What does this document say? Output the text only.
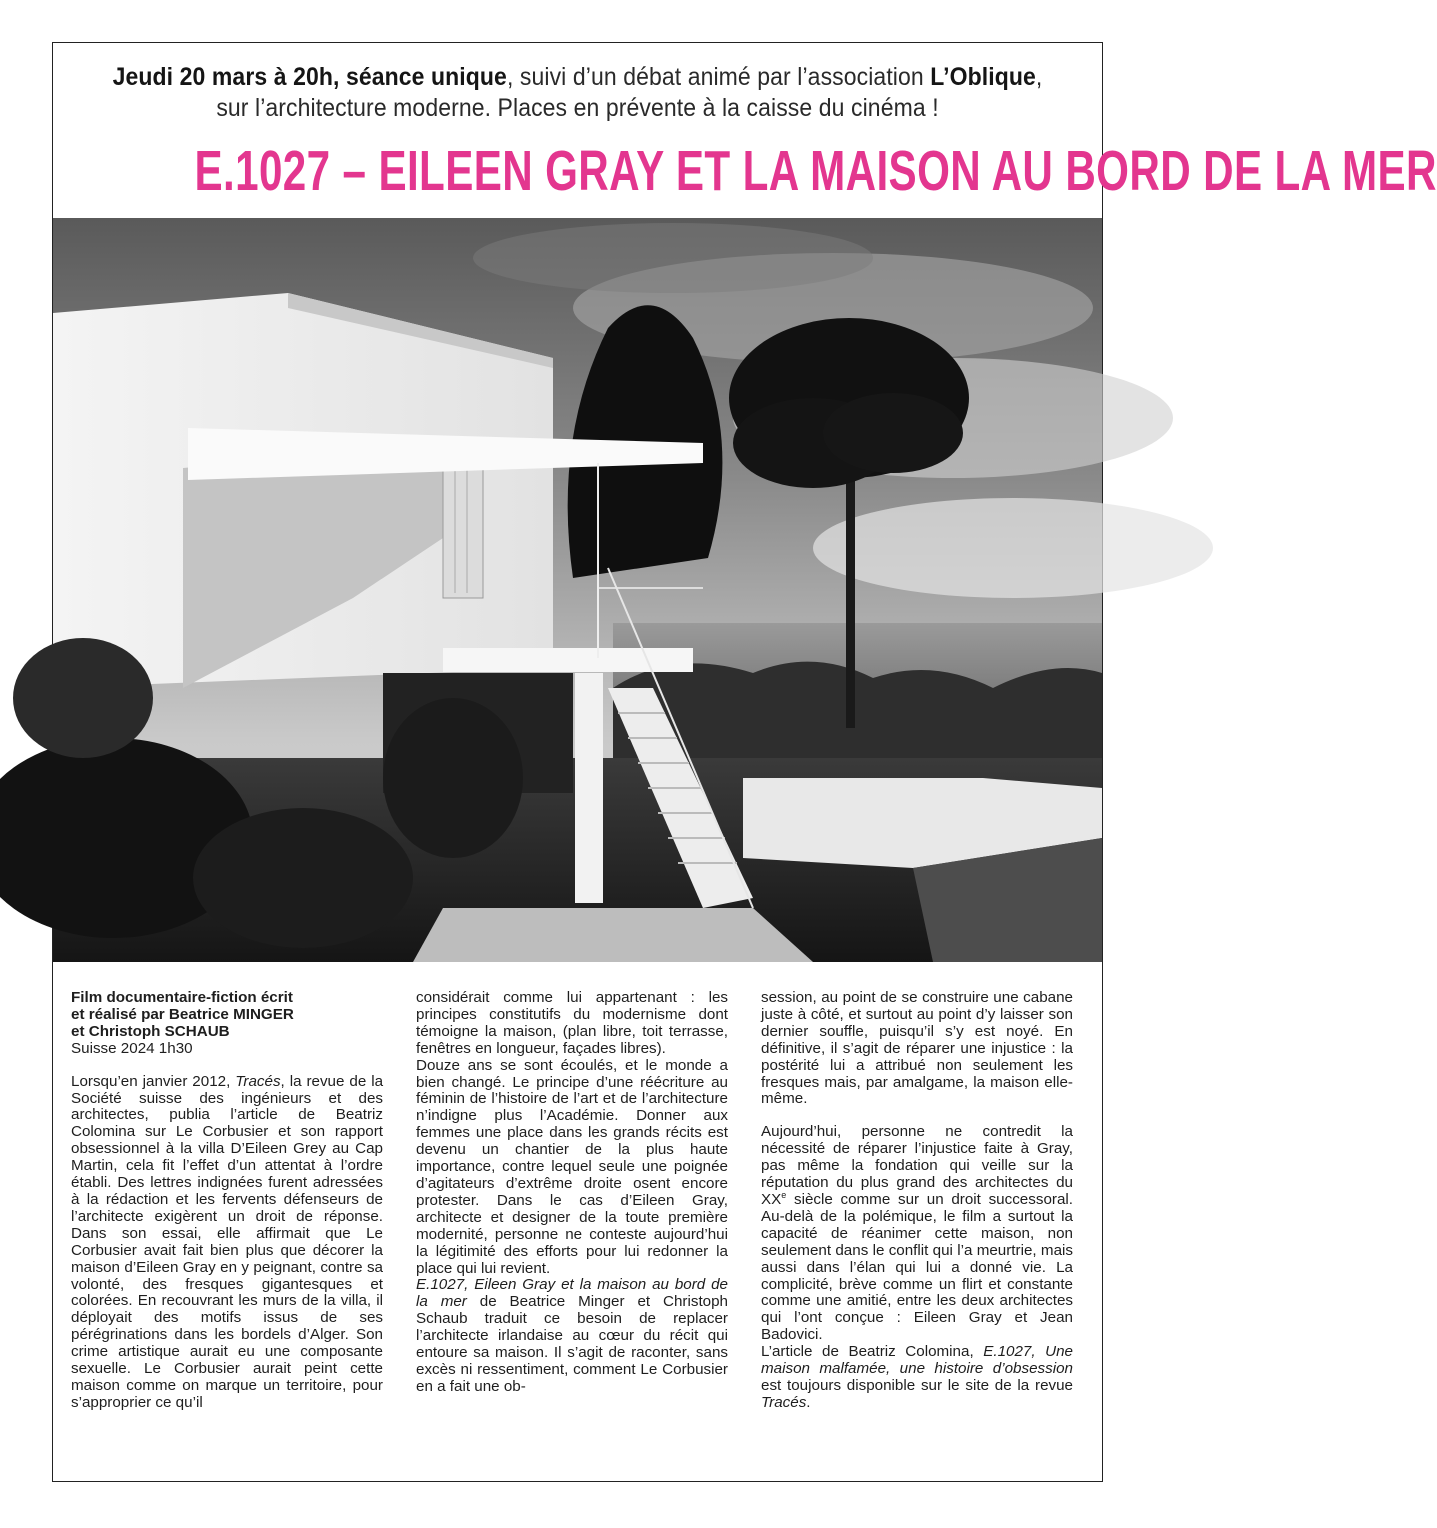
Jeudi 20 mars à 20h, séance unique, suivi d’un débat animé par l’association L’Oblique,
sur l’architecture moderne. Places en prévente à la caisse du cinéma !
E.1027 – EILEEN GRAY ET LA MAISON AU BORD DE LA MER

Film documentaire-fiction écrit
et réalisé par Beatrice MINGER
et Christoph SCHAUB

Suisse 2024 1h30

Lorsqu’en janvier 2012, Tracés, la revue de la Société suisse des ingénieurs et des architectes, publia l’article de Beatriz Colomina sur Le Corbusier et son rapport obsessionnel à la villa D’Eileen Grey au Cap Martin, cela fit l’effet d’un attentat à l’ordre établi. Des lettres indignées furent adressées à la rédaction et les fervents défenseurs de l’architecte exigèrent un droit de réponse. Dans son essai, elle affirmait que Le Corbusier avait fait bien plus que décorer la maison d’Eileen Gray en y peignant, contre sa volonté, des fresques gigantesques et colorées. En recouvrant les murs de la villa, il déployait des motifs issus de ses pérégrinations dans les bordels d’Alger. Son crime artistique aurait eu une composante sexuelle. Le Corbusier aurait peint cette maison comme on marque un territoire, pour s’approprier ce qu’il

considérait comme lui appartenant : les principes constitutifs du modernisme dont témoigne la maison, (plan libre, toit terrasse, fenêtres en longueur, façades libres).

Douze ans se sont écoulés, et le monde a bien changé. Le principe d’une réécriture au féminin de l’histoire de l’art et de l’architecture n’indigne plus l’Académie. Donner aux femmes une place dans les grands récits est devenu un chantier de la plus haute importance, contre lequel seule une poignée d’agitateurs d’extrême droite osent encore protester. Dans le cas d’Eileen Gray, architecte et designer de la toute première modernité, personne ne conteste aujourd’hui la légitimité des efforts pour lui redonner la place qui lui revient.

E.1027, Eileen Gray et la maison au bord de la mer de Beatrice Minger et Christoph Schaub traduit ce besoin de replacer l’architecte irlandaise au cœur du récit qui entoure sa maison. Il s’agit de raconter, sans excès ni ressentiment, comment Le Corbusier en a fait une ob-

session, au point de se construire une cabane juste à côté, et surtout au point d’y laisser son dernier souffle, puisqu’il s’y est noyé. En définitive, il s’agit de réparer une injustice : la postérité lui a attribué non seulement les fresques mais, par amalgame, la maison elle-même.

Aujourd’hui, personne ne contredit la nécessité de réparer l’injustice faite à Gray, pas même la fondation qui veille sur la réputation du plus grand des architectes du XXe siècle comme sur un droit successoral. Au-delà de la polémique, le film a surtout la capacité de réanimer cette maison, non seulement dans le conflit qui l’a meurtrie, mais aussi dans l’élan qui lui a donné vie. La complicité, brève comme un flirt et constante comme une amitié, entre les deux architectes qui l’ont conçue : Eileen Gray et Jean Badovici.

L’article de Beatriz Colomina, E.1027, Une maison malfamée, une histoire d’obsession est toujours disponible sur le site de la revue Tracés.
